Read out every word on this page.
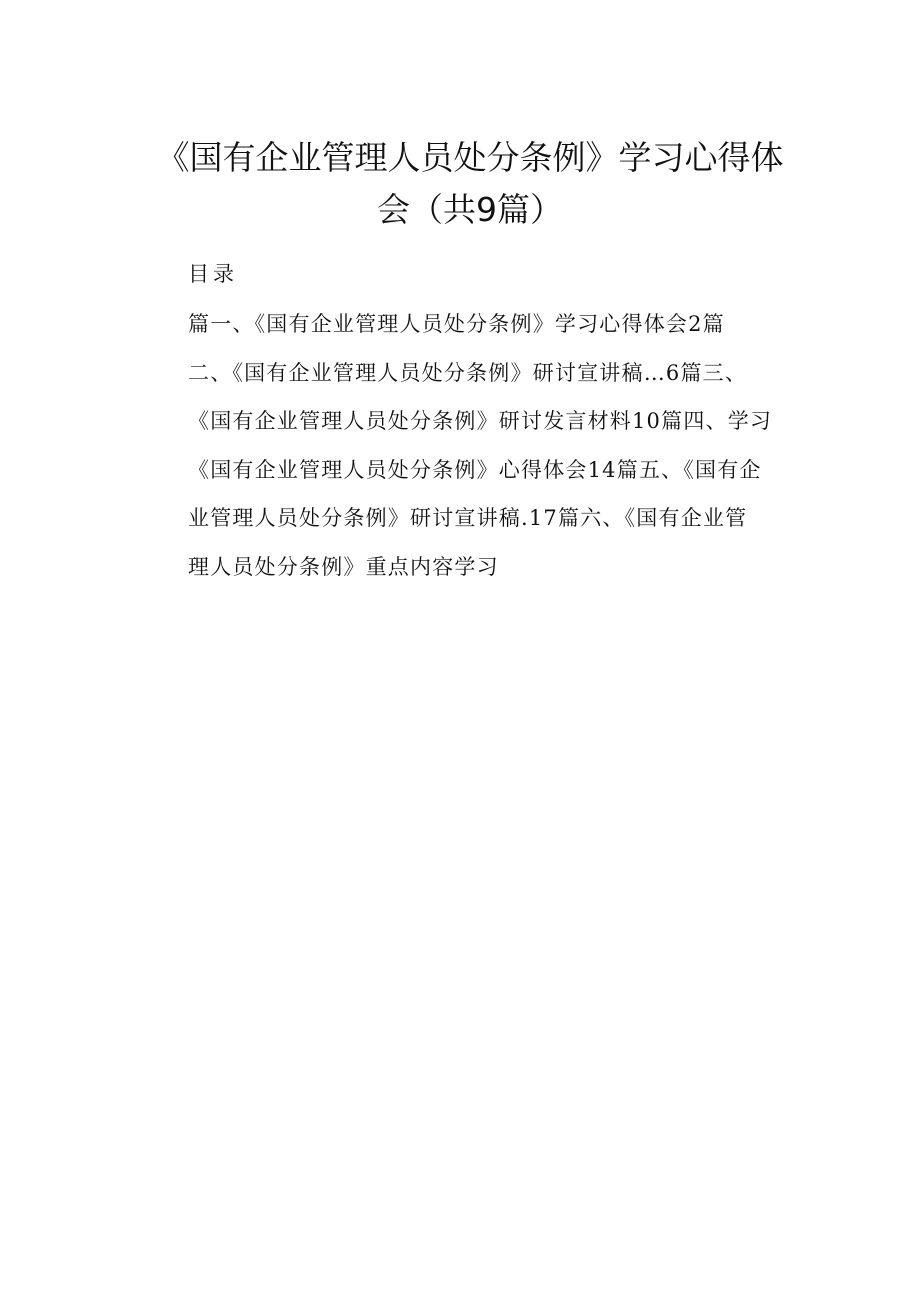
《国有企业管理人员处分条例》学习心得体
会（共9篇）
目录
篇一、《国有企业管理人员处分条例》学习心得体会2篇
二、《国有企业管理人员处分条例》研讨宣讲稿…6篇三、
《国有企业管理人员处分条例》研讨发言材料10篇四、学习
《国有企业管理人员处分条例》心得体会14篇五、《国有企
业管理人员处分条例》研讨宣讲稿.17篇六、《国有企业管
理人员处分条例》重点内容学习
